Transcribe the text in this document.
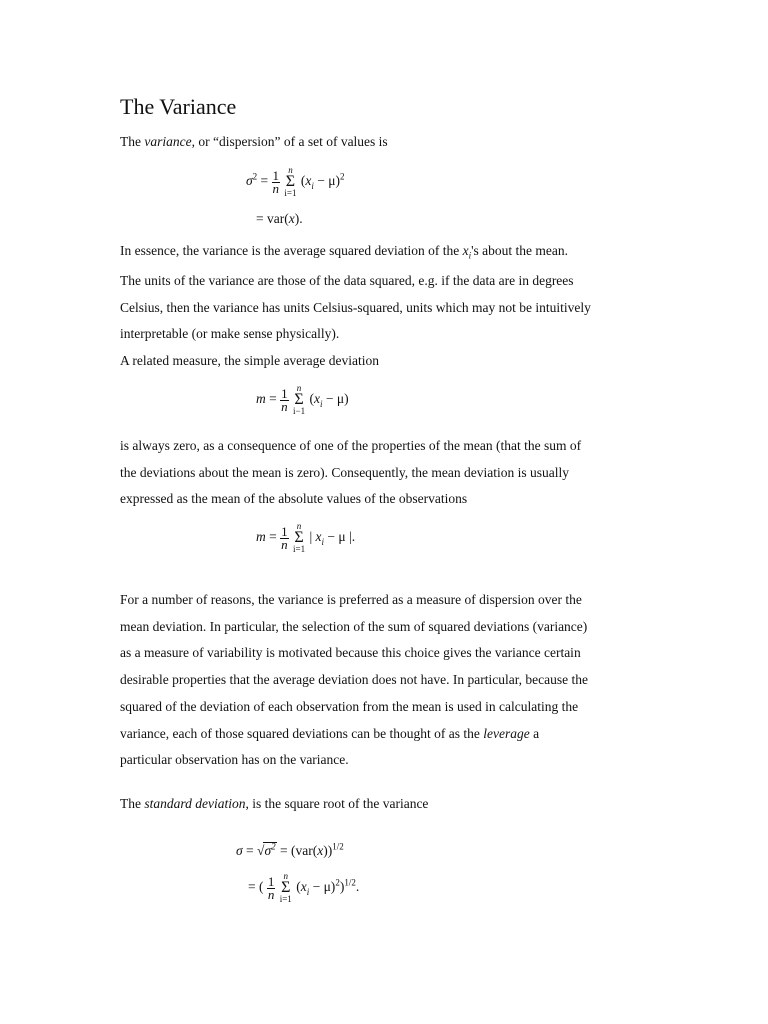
The Variance
The variance, or “dispersion” of a set of values is
$\sigma^2 = \frac{1}{n}$
n
Σ
i=1
$(x_i - \mu)^2$
= var(x).
In essence, the variance is the average squared deviation of the $x_i's$ about the mean.
The units of the variance are those of the data squared, e.g. if the data are in degrees
Celsius, then the variance has units Celsius-squared, units which may not be intuitively
interpretable (or make sense physically).
A related measure, the simple average deviation
$m = \frac{1}{n}$
n
Σ
i−1
$(x_i - \mu)$
is always zero, as a consequence of one of the properties of the mean (that the sum of
the deviations about the mean is zero). Consequently, the mean deviation is usually
expressed as the mean of the absolute values of the observations
$m = \frac{1}{n}$
n
Σ
i=1
| $x_i - \mu$ |.
For a number of reasons, the variance is preferred as a measure of dispersion over the
mean deviation. In particular, the selection of the sum of squared deviations (variance)
as a measure of variability is motivated because this choice gives the variance certain
desirable properties that the average deviation does not have. In particular, because the
squared of the deviation of each observation from the mean is used in calculating the
variance, each of those squared deviations can be thought of as the leverage a
particular observation has on the variance.
The standard deviation, is the square root of the variance
$\sigma = √\sigma^2 = (var(x))^{1/2}$
= ( $\frac{1}{n}$
n
Σ
i=1
$(x_i - \mu)^2)^{1/2}$.
